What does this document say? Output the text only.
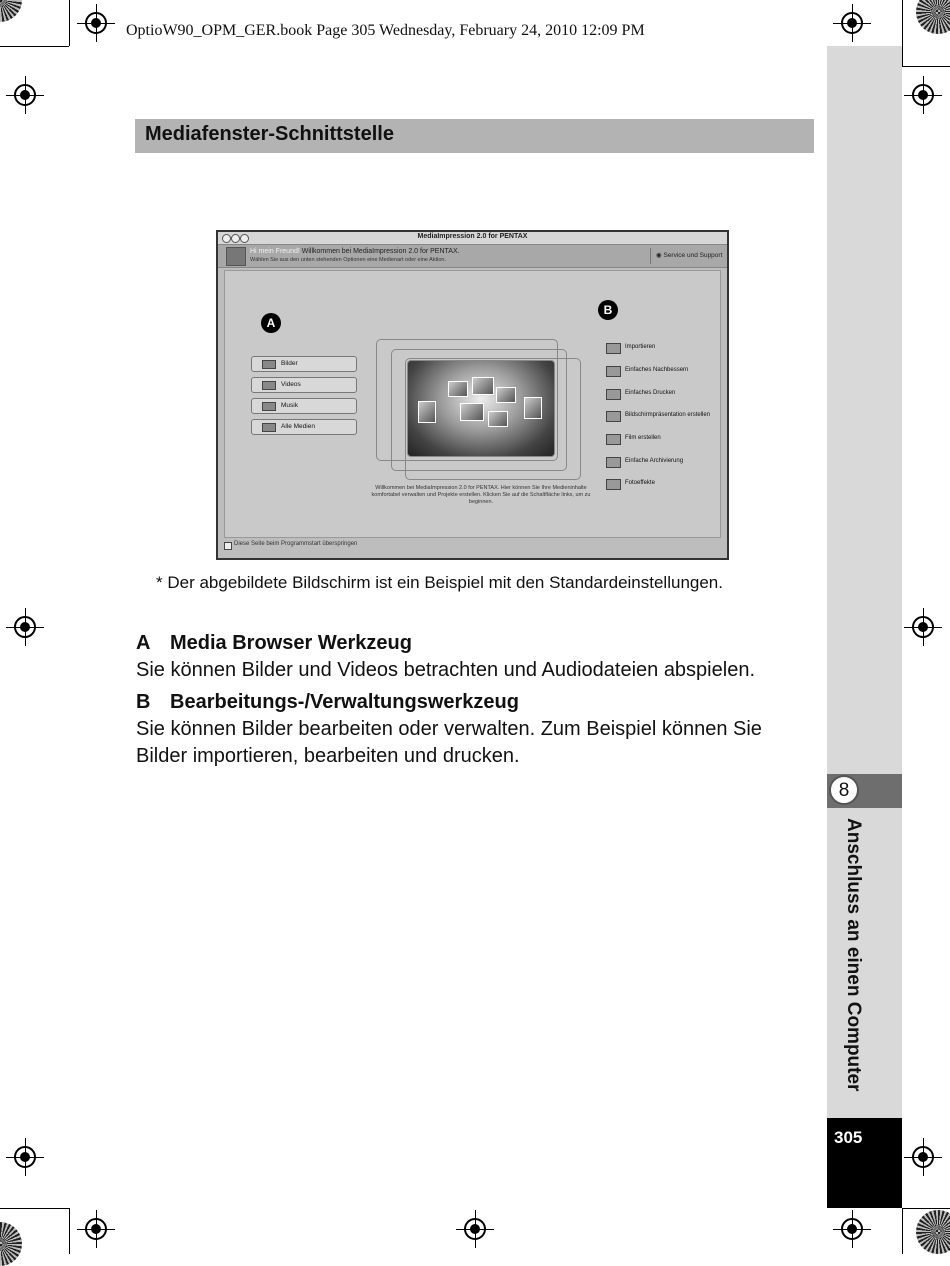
OptioW90_OPM_GER.book Page 305 Wednesday, February 24, 2010 12:09 PM
8
Anschluss an einen Computer
305
Mediafenster-Schnittstelle
MediaImpression 2.0 for PENTAX
Hi mein Freund! Willkommen bei MediaImpression 2.0 for PENTAX.
Wählen Sie aus den unten stehenden Optionen eine Medienart oder eine Aktion.
◉ Service und Support
A
B
Bilder
Videos
Musik
Alle Medien
Willkommen bei MediaImpression 2.0 for PENTAX. Hier können Sie Ihre Medieninhalte komfortabel verwalten und Projekte erstellen. Klicken Sie auf die Schaltfläche links, um zu beginnen.
Importieren
Einfaches Nachbessern
Einfaches Drucken
Bildschirmpräsentation erstellen
Film erstellen
Einfache Archivierung
Fotoeffekte
Diese Seite beim Programmstart überspringen
* Der abgebildete Bildschirm ist ein Beispiel mit den Standardeinstellungen.
A Media Browser Werkzeug
Sie können Bilder und Videos betrachten und Audiodateien abspielen.
B Bearbeitungs-/Verwaltungswerkzeug
Sie können Bilder bearbeiten oder verwalten. Zum Beispiel können Sie Bilder importieren, bearbeiten und drucken.
